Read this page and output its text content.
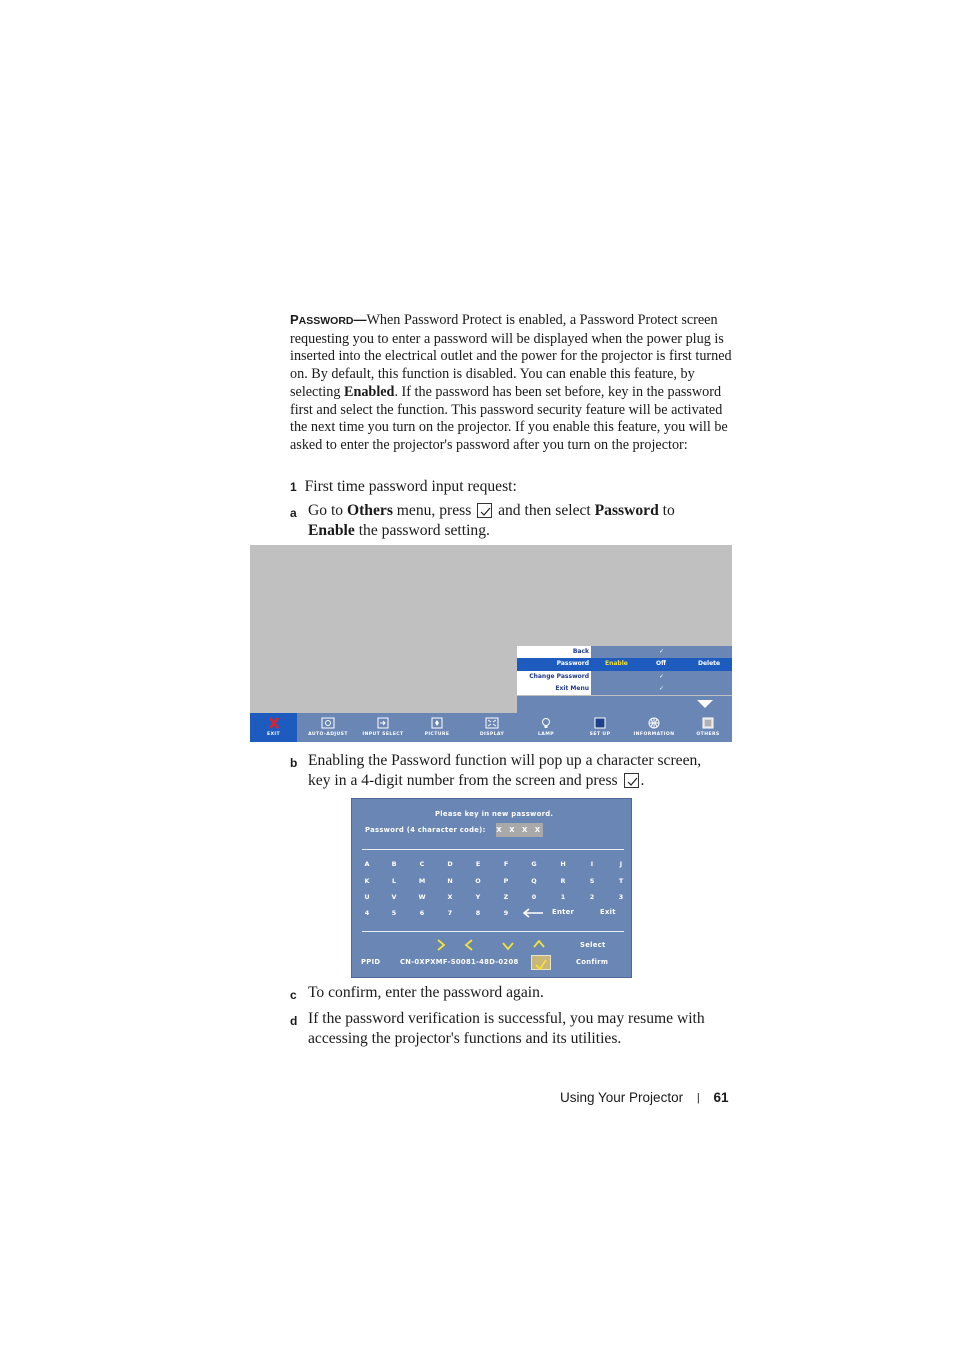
PASSWORD—When Password Protect is enabled, a Password Protect screen requesting you to enter a password will be displayed when the power plug is inserted into the electrical outlet and the power for the projector is first turned on. By default, this function is disabled. You can enable this feature, by selecting Enabled. If the password has been set before, key in the password first and select the function. This password security feature will be activated the next time you turn on the projector. If you enable this feature, you will be asked to enter the projector's password after you turn on the projector:
1 First time password input request:
a Go to Others menu, press
and then select Password to
Enable the password setting.
Back	✓
Password	Enable	Off	Delete
Change Password	✓
Exit Menu	✓
EXIT	AUTO-ADJUST	INPUT SELECT	PICTURE	DISPLAY	LAMP	SET UP	INFORMATION	OTHERS
b Enabling the Password function will pop up a character screen,
key in a 4-digit number from the screen and press
.
Please key in new password.
Password (4 character code): X X X X
A	B	C	D	E	F	G	H	I	J
K	L	M	N	O	P	Q	R	S	T
U	V	W	X	Y	Z	0	1	2	3
4	5	6	7	8	9	Enter	Exit
Select
PPID	CN-0XPXMF-S0081-48D-0208	Confirm
c To confirm, enter the password again.
d If the password verification is successful, you may resume with
accessing the projector's functions and its utilities.
Using Your Projector | 61
